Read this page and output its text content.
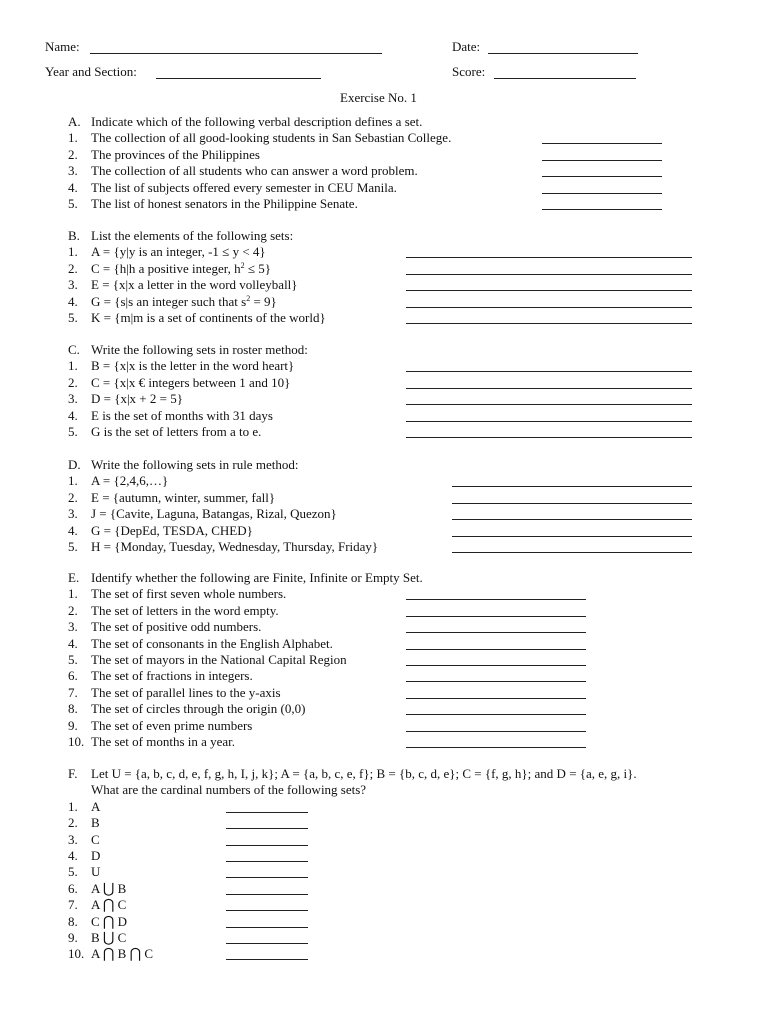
Name:	Date:
Year and Section:	Score:
Exercise No. 1
A. Indicate which of the following verbal description defines a set.
1.	The collection of all good-looking students in San Sebastian College.
2.	The provinces of the Philippines
3.	The collection of all students who can answer a word problem.
4.	The list of subjects offered every semester in CEU Manila.
5.	The list of honest senators in the Philippine Senate.
B. List the elements of the following sets:
1.	A = {y|y is an integer, -1 ≤ y < 4}
2.	C = {h|h a positive integer, $h^2 \le 5$}
3.	E = {x|x a letter in the word volleyball}
4.	G = {s|s an integer such that $s^2 = 9$}
5.	K = {m|m is a set of continents of the world}
C. Write the following sets in roster method:
1.	B = {x|x is the letter in the word heart}
2.	C = {x|x € integers between 1 and 10}
3.	D = {x|x + 2 = 5}
4.	E is the set of months with 31 days
5.	G is the set of letters from a to e.
D. Write the following sets in rule method:
1.	A = {2,4,6,…}
2.	E = {autumn, winter, summer, fall}
3.	J = {Cavite, Laguna, Batangas, Rizal, Quezon}
4.	G = {DepEd, TESDA, CHED}
5.	H = {Monday, Tuesday, Wednesday, Thursday, Friday}
E. Identify whether the following are Finite, Infinite or Empty Set.
1.	The set of first seven whole numbers.
2.	The set of letters in the word empty.
3.	The set of positive odd numbers.
4.	The set of consonants in the English Alphabet.
5.	The set of mayors in the National Capital Region
6.	The set of fractions in integers.
7.	The set of parallel lines to the y-axis
8.	The set of circles through the origin (0,0)
9.	The set of even prime numbers
10. The set of months in a year.
F. Let U = {a, b, c, d, e, f, g, h, I, j, k}; A = {a, b, c, e, f}; B = {b, c, d, e}; C = {f, g, h}; and D = {a, e, g, i}.
What are the cardinal numbers of the following sets?
1.	A
2.	B
3.	C
4.	D
5.	U
6.	A ⋃ B
7.	A ⋂ C
8.	C ⋂ D
9.	B ⋃ C
10. A ⋂ B ⋂ C
